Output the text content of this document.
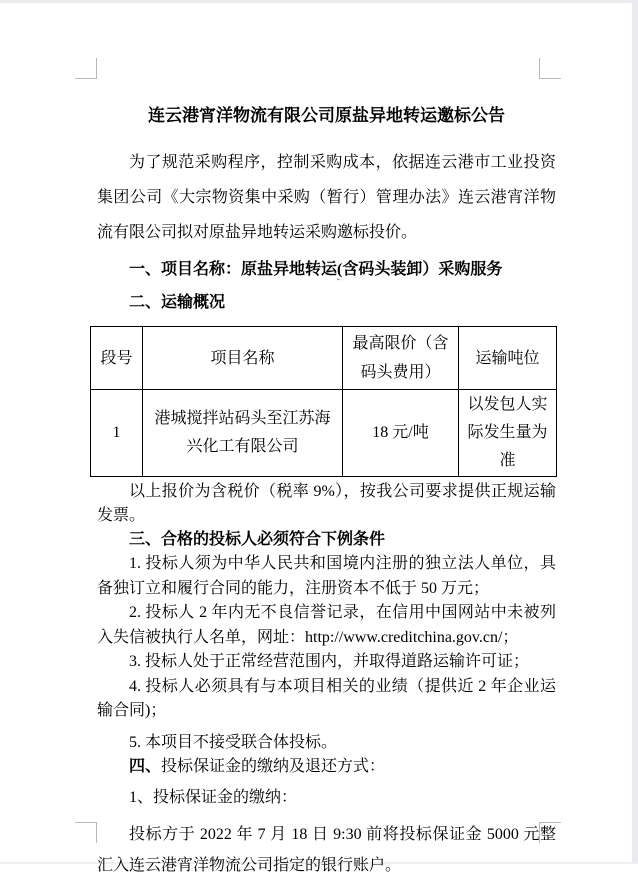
连云港宵洋物流有限公司原盐异地转运邀标公告

为了规范采购程序，控制采购成本，依据连云港市工业投资集团公司《大宗物资集中采购（暂行）管理办法》连云港宵洋物流有限公司拟对原盐异地转运采购邀标投价。

一、项目名称：原盐异地转运(含码头装卸）采购服务

二、运输概况

段号	项目名称	最高限价（含码头费用）	运输吨位
1	港城搅拌站码头至江苏海兴化工有限公司	18 元/吨	以发包人实际发生量为准

以上报价为含税价（税率 9%），按我公司要求提供正规运输发票。

三、合格的投标人必须符合下例条件

1. 投标人须为中华人民共和国境内注册的独立法人单位，具备独订立和履行合同的能力，注册资本不低于 50 万元；

2. 投标人 2 年内无不良信誉记录，在信用中国网站中未被列入失信被执行人名单，网址：http://www.creditchina.gov.cn/；

3. 投标人处于正常经营范围内，并取得道路运输许可证；

4. 投标人必须具有与本项目相关的业绩（提供近 2 年企业运输合同)；

5. 本项目不接受联合体投标。

四、投标保证金的缴纳及退还方式：

1、投标保证金的缴纳：

投标方于 2022 年 7 月 18 日 9:30 前将投标保证金 5000 元整汇入连云港宵洋物流公司指定的银行账户。
